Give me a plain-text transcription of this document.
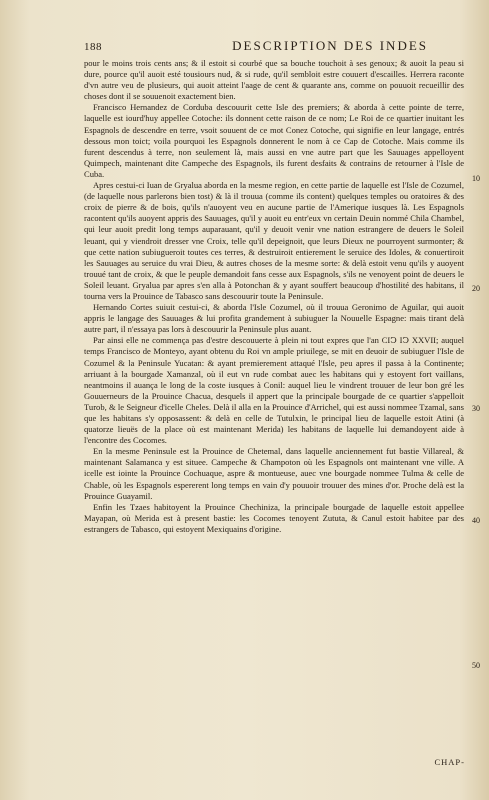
188	DESCRIPTION DES INDES

pour le moins trois cents ans; & il estoit si courbé que sa bouche touchoit à ses genoux; & auoit la peau si dure, pource qu'il auoit esté tousiours nud, & si rude, qu'il sembloit estre couuert d'escailles. Herrera raconte d'vn autre veu de plusieurs, qui auoit atteint l'aage de cent & quarante ans, comme on pouuoit recueillir des choses dont il se souuenoit exactement bien.

Francisco Hernandez de Corduba descouurit cette Isle des premiers; & aborda à cette pointe de terre, laquelle est iourd'huy appellee Cotoche: ils donnent cette raison de ce nom; Le Roi de ce quartier inuitant les Espagnols de descendre en terre, vsoit souuent de ce mot Conez Cotoche, qui signifie en leur langage, entrés dessous mon toict; voila pourquoi les Espagnols donnerent le nom à ce Cap de Cotoche. Mais comme ils furent descendus à terre, non seulement là, mais aussi en vne autre part que les Sauuages appelloyent Quimpech, maintenant dite Campeche des Espagnols, ils furent desfaits & contrains de retourner à l'Isle de Cuba.

Apres cestui-ci Iuan de Gryalua aborda en la mesme region, en cette partie de laquelle est l'Isle de Cozumel, (de laquelle nous parlerons bien tost) & là il trouua (comme ils content) quelques temples ou oratoires & des croix de pierre & de bois, qu'ils n'auoyent veu en aucune partie de l'Amerique iusques là. Les Espagnols racontent qu'ils auoyent appris des Sauuages, qu'il y auoit eu entr'eux vn certain Deuin nommé Chila Chambel, qui leur auoit predit long temps auparauant, qu'il y deuoit venir vne nation estrangere de deuers le Soleil leuant, qui y viendroit dresser vne Croix, telle qu'il depeignoit, que leurs Dieux ne pourroyent surmonter; & que cette nation subiugueroit toutes ces terres, & destruiroit entierement le seruice des Idoles, & conuertiroit les Sauuages au seruice du vrai Dieu, & autres choses de la mesme sorte: & delà estoit venu qu'ils y auoyent trouué tant de croix, & que le peuple demandoit fans cesse aux Espagnols, s'ils ne venoyent point de deuers le Soleil leuant. Gryalua par apres s'en alla à Potonchan & y ayant souffert beaucoup d'hostilité des habitans, il tourna vers la Prouince de Tabasco sans descouurir toute la Peninsule.

Hernando Cortes suiuit cestui-ci, & aborda l'Isle Cozumel, où il trouua Geronimo de Aguilar, qui auoit appris le langage des Sauuages & lui profita grandement à subiuguer la Nouuelle Espagne: mais tirant delà autre part, il n'essaya pas lors à descouurir la Peninsule plus auant.

Par ainsi elle ne commença pas d'estre descouuerte à plein ni tout expres que l'an CIↃ IↃ XXVII; auquel temps Francisco de Monteyo, ayant obtenu du Roi vn ample priuilege, se mit en deuoir de subiuguer l'Isle de Cozumel & la Peninsule Yucatan: & ayant premierement attaqué l'Isle, peu apres il passa à la Continente; arriuant à la bourgade Xamanzal, où il eut vn rude combat auec les habitans qui y estoyent fort vaillans, neantmoins il auança le long de la coste iusques à Conil: auquel lieu le vindrent trouuer de leur bon gré les Gouuerneurs de la Prouince Chacua, desquels il appert que la principale bourgade de ce quartier s'appelloit Turob, & le Seigneur d'icelle Cheles. Delà il alla en la Prouince d'Arrichel, qui est aussi nommee Tzamal, sans que les habitans s'y opposassent: & delà en celle de Tutulxin, le principal lieu de laquelle estoit Atini (à quatorze lieuës de la place où est maintenant Merida) les habitans de laquelle lui demandoyent aide à l'encontre des Cocomes.

En la mesme Peninsule est la Prouince de Chetemal, dans laquelle anciennement fut bastie Villareal, & maintenant Salamanca y est situee. Campeche & Champoton où les Espagnols ont maintenant vne ville. A icelle est iointe la Prouince Cochuaque, aspre & montueuse, auec vne bourgade nommee Tulma & celle de Chable, où les Espagnols espererent long temps en vain d'y pouuoir trouuer des mines d'or. Proche delà est la Prouince Guayamil.

Enfin les Tzaes habitoyent la Prouince Chechiniza, la principale bourgade de laquelle estoit appellee Mayapan, où Merida est à present bastie: les Cocomes tenoyent Zututa, & Canul estoit habitee par des estrangers de Tabasco, qui estoyent Mexiquains d'origine.

10
20
30
40
50
CHAP-
